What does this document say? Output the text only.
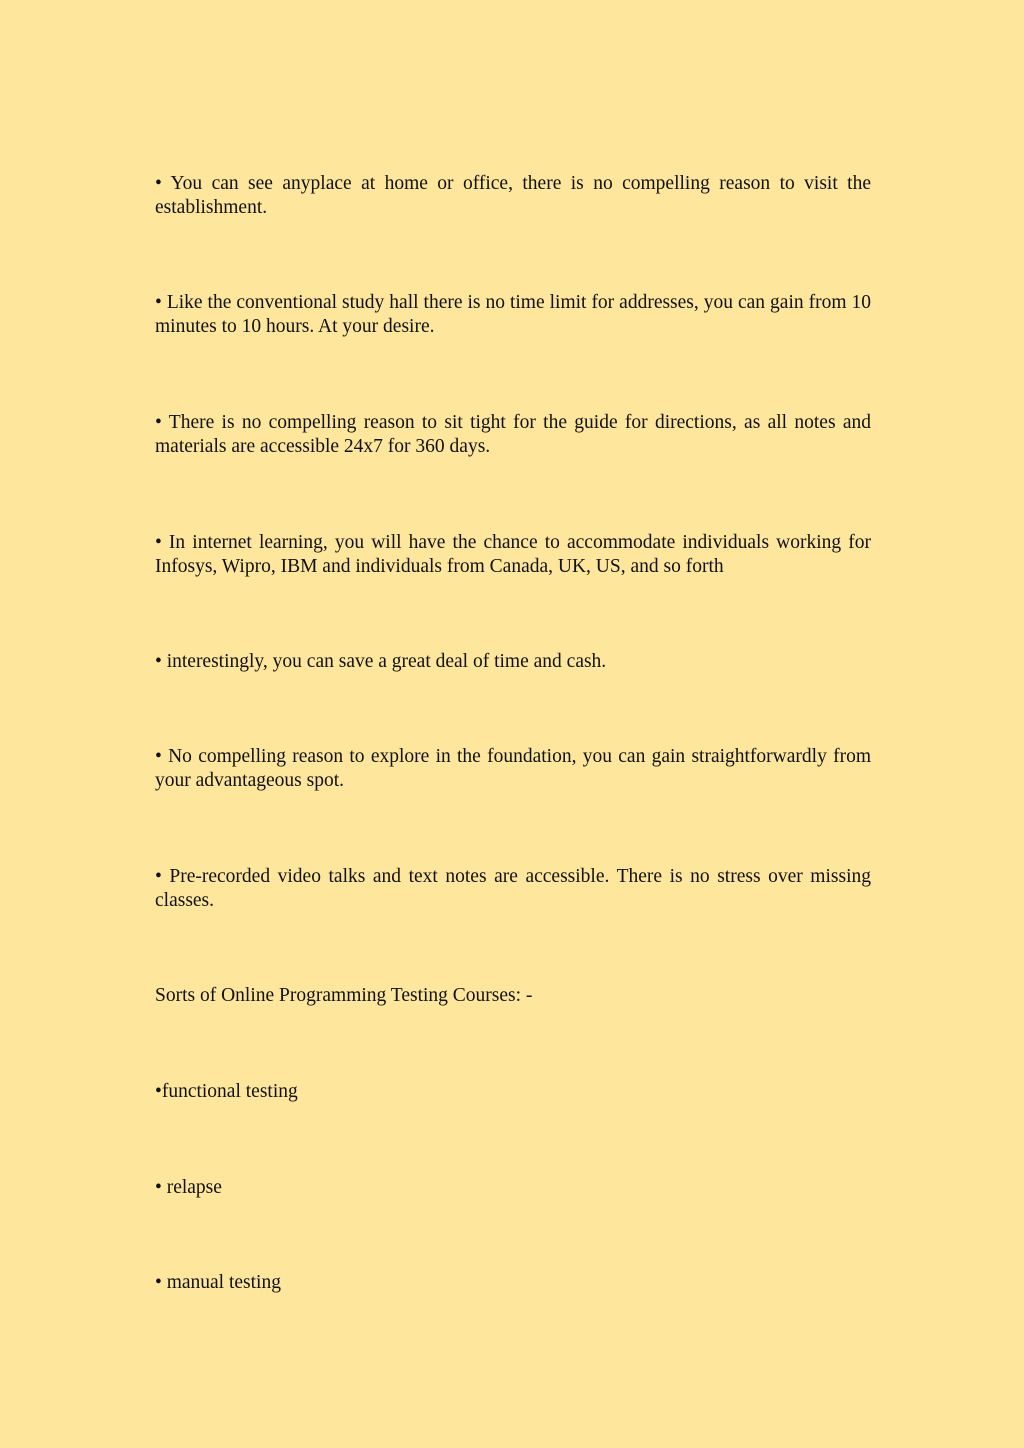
• You can see anyplace at home or office, there is no compelling reason to visit the establishment.

• Like the conventional study hall there is no time limit for addresses, you can gain from 10 minutes to 10 hours. At your desire.

• There is no compelling reason to sit tight for the guide for directions, as all notes and materials are accessible 24x7 for 360 days.

• In internet learning, you will have the chance to accommodate individuals working for Infosys, Wipro, IBM and individuals from Canada, UK, US, and so forth

• interestingly, you can save a great deal of time and cash.

• No compelling reason to explore in the foundation, you can gain straightforwardly from your advantageous spot.

• Pre-recorded video talks and text notes are accessible. There is no stress over missing classes.

Sorts of Online Programming Testing Courses: -

•functional testing

• relapse

• manual testing
